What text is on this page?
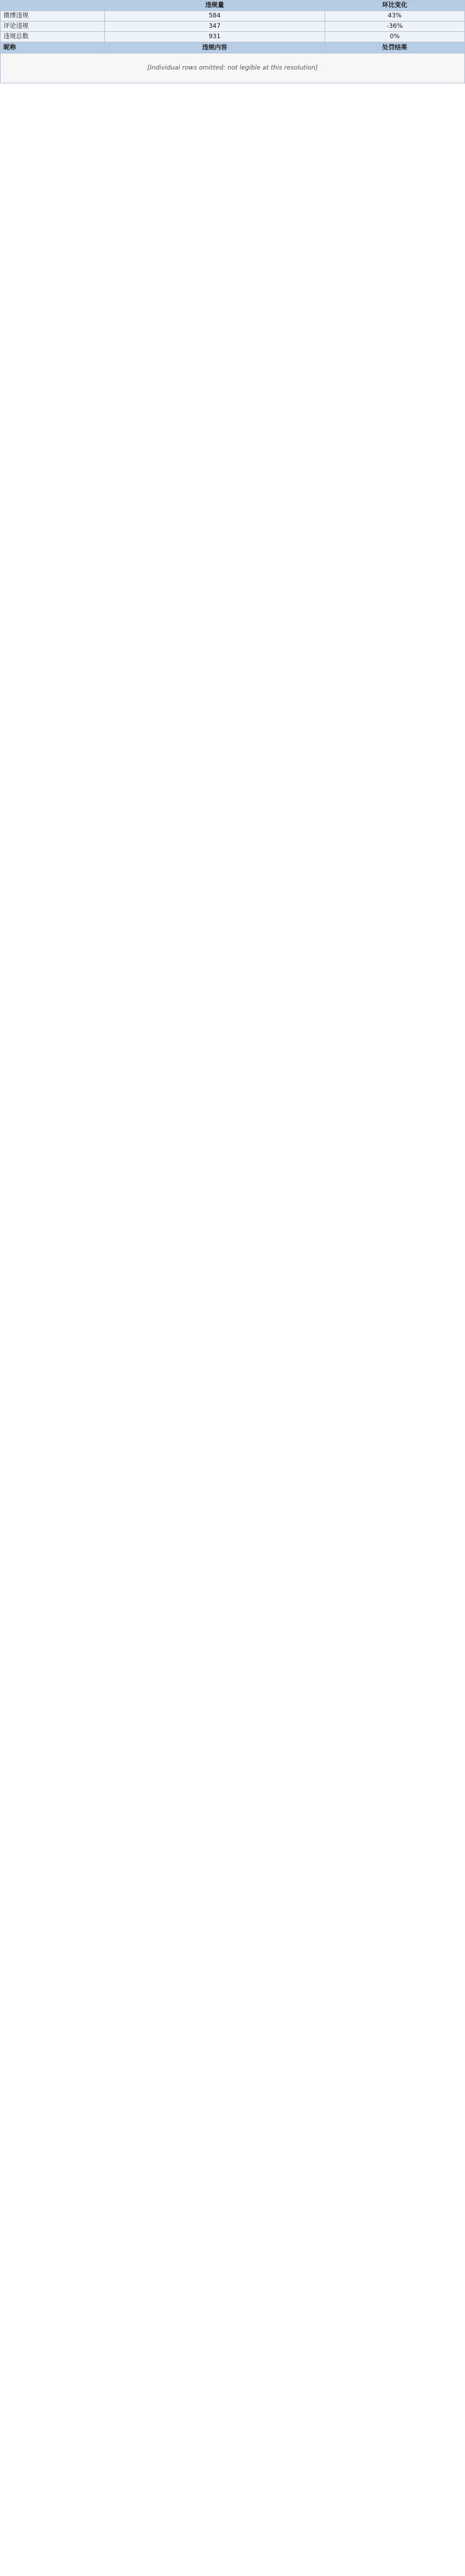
	违规量	环比变化
微博违规	584	43%
评论违规	347	-36%
违规总数	931	0%
昵称	违规内容	处罚结果
[Individual rows omitted: not legible at this resolution]
